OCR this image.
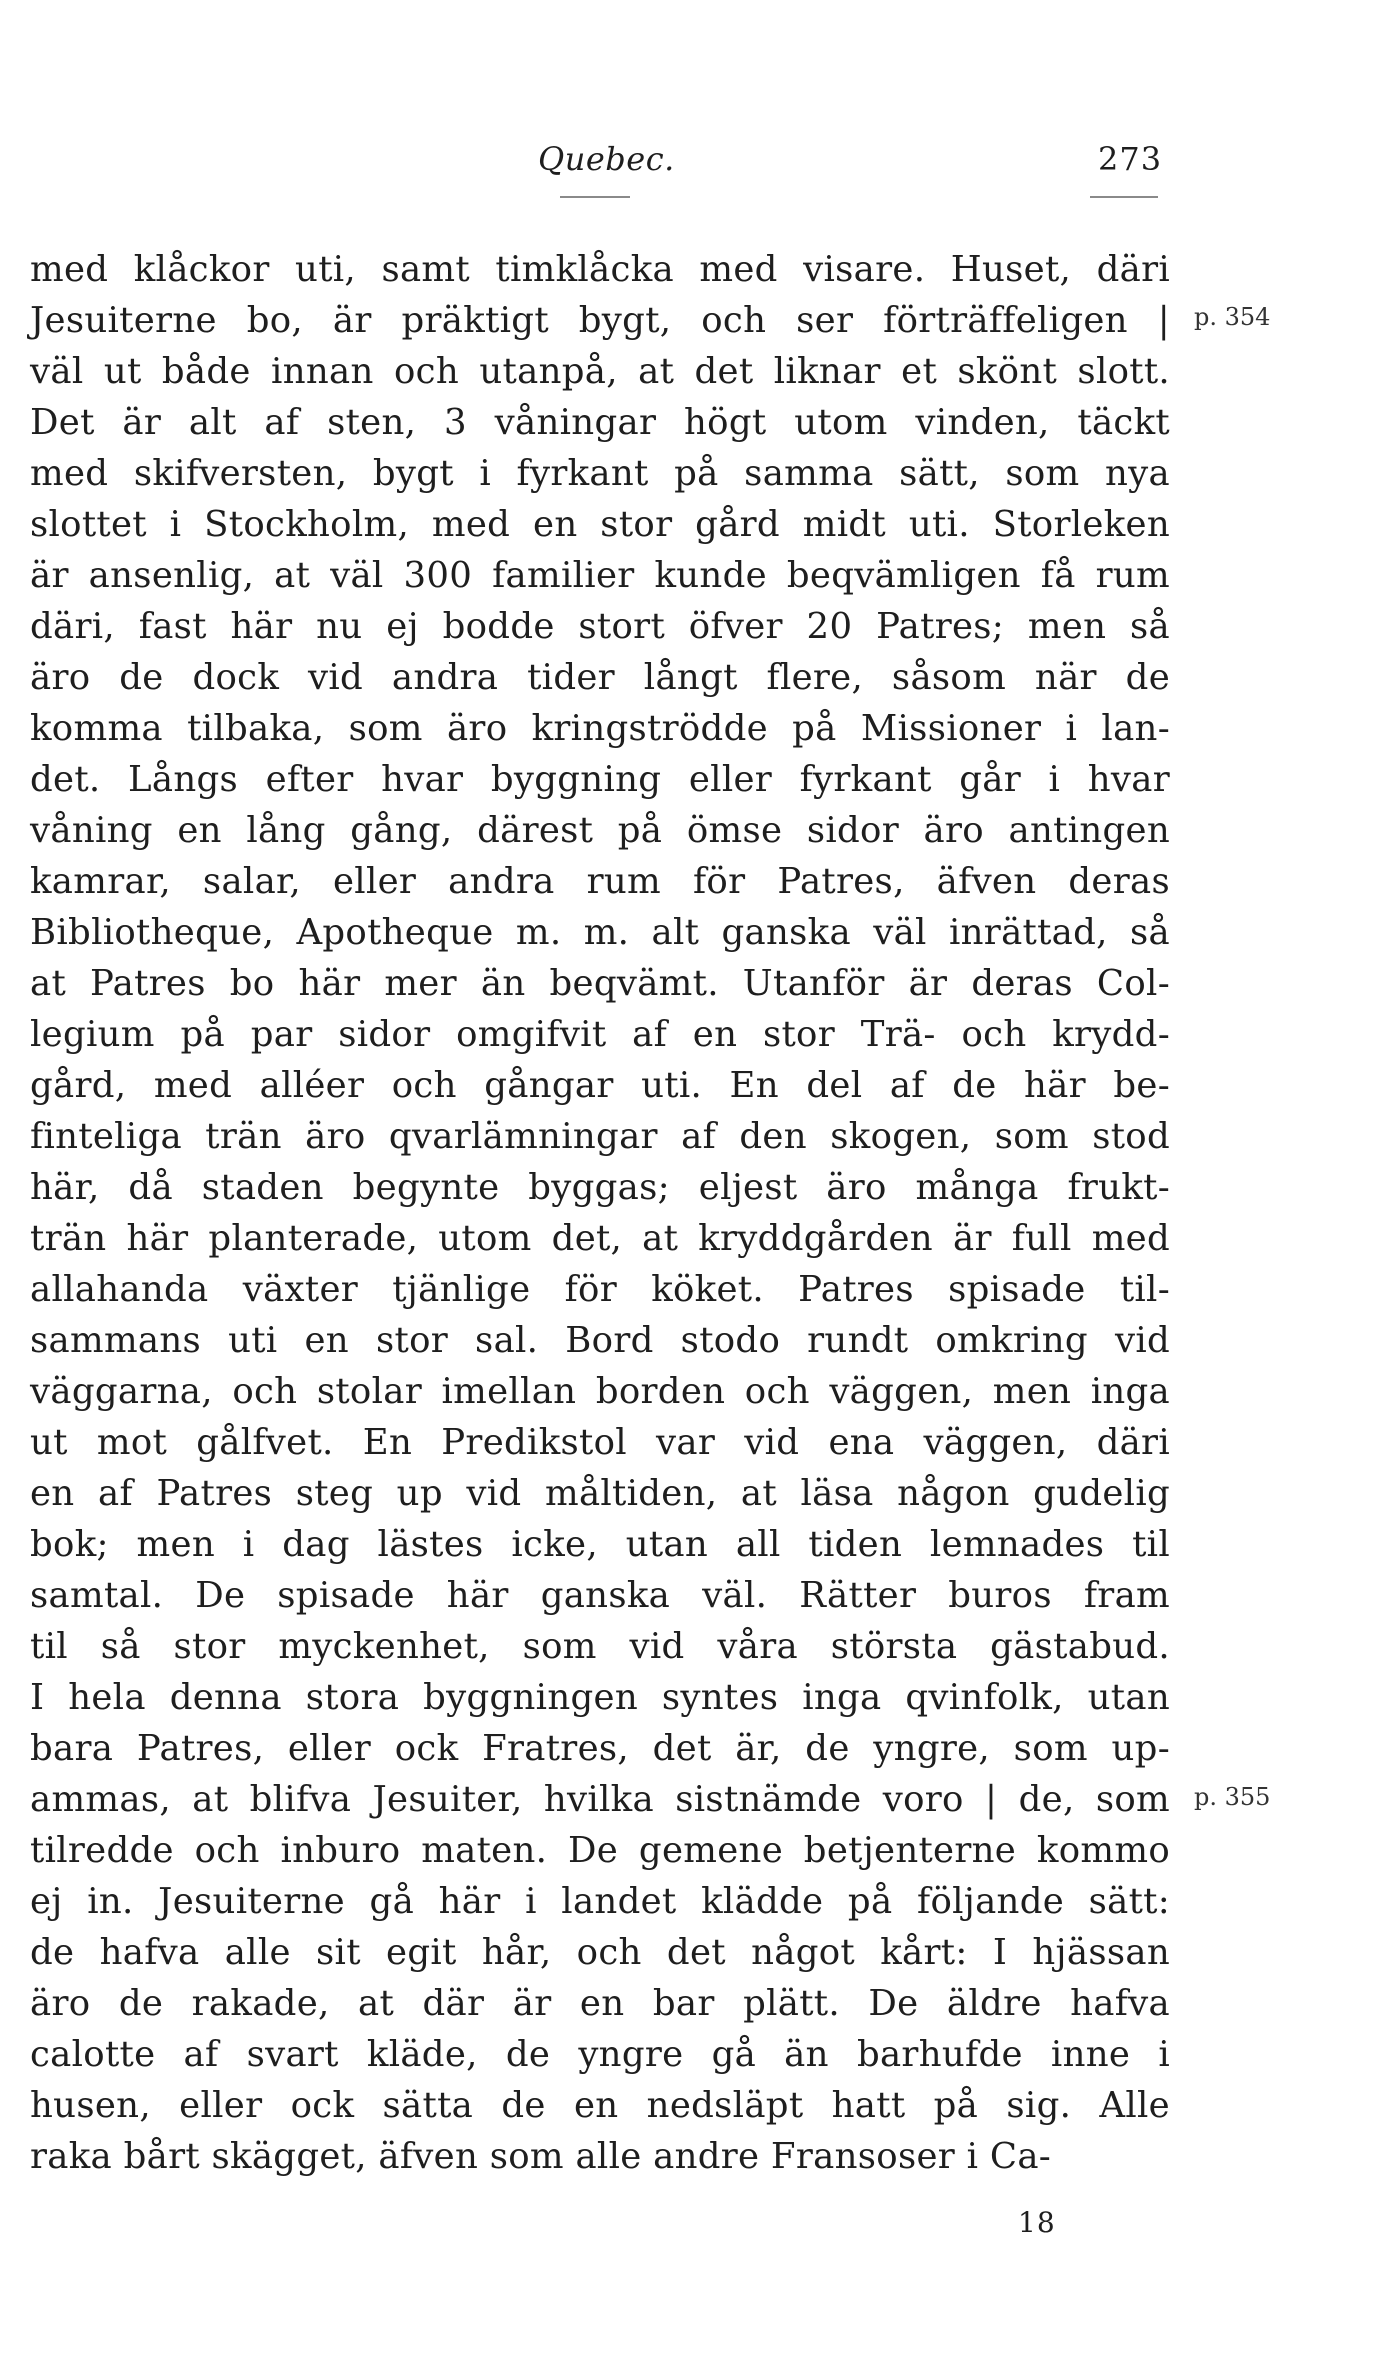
Quebec.	273
med klåckor uti, samt timklåcka med visare. Huset, däri
Jesuiterne bo, är präktigt bygt, och ser förträffeligen |
väl ut både innan och utanpå, at det liknar et skönt slott.
Det är alt af sten, 3 våningar högt utom vinden, täckt
med skifversten, bygt i fyrkant på samma sätt, som nya
slottet i Stockholm, med en stor gård midt uti. Storleken
är ansenlig, at väl 300 familier kunde beqvämligen få rum
däri, fast här nu ej bodde stort öfver 20 Patres; men så
äro de dock vid andra tider långt flere, såsom när de
komma tilbaka, som äro kringströdde på Missioner i lan-
det. Långs efter hvar byggning eller fyrkant går i hvar
våning en lång gång, därest på ömse sidor äro antingen
kamrar, salar, eller andra rum för Patres, äfven deras
Bibliotheque, Apotheque m. m. alt ganska väl inrättad, så
at Patres bo här mer än beqvämt. Utanför är deras Col-
legium på par sidor omgifvit af en stor Trä- och krydd-
gård, med alléer och gångar uti. En del af de här be-
finteliga trän äro qvarlämningar af den skogen, som stod
här, då staden begynte byggas; eljest äro många frukt-
trän här planterade, utom det, at kryddgården är full med
allahanda växter tjänlige för köket. Patres spisade til-
sammans uti en stor sal. Bord stodo rundt omkring vid
väggarna, och stolar imellan borden och väggen, men inga
ut mot gålfvet. En Predikstol var vid ena väggen, däri
en af Patres steg up vid måltiden, at läsa någon gudelig
bok; men i dag lästes icke, utan all tiden lemnades til
samtal. De spisade här ganska väl. Rätter buros fram
til så stor myckenhet, som vid våra största gästabud.
I hela denna stora byggningen syntes inga qvinfolk, utan
bara Patres, eller ock Fratres, det är, de yngre, som up-
ammas, at blifva Jesuiter, hvilka sistnämde voro | de, som
tilredde och inburo maten. De gemene betjenterne kommo
ej in. Jesuiterne gå här i landet klädde på följande sätt:
de hafva alle sit egit hår, och det något kårt: I hjässan
äro de rakade, at där är en bar plätt. De äldre hafva
calotte af svart kläde, de yngre gå än barhufde inne i
husen, eller ock sätta de en nedsläpt hatt på sig. Alle
raka bårt skägget, äfven som alle andre Fransoser i Ca-
p. 354
p. 355
18
